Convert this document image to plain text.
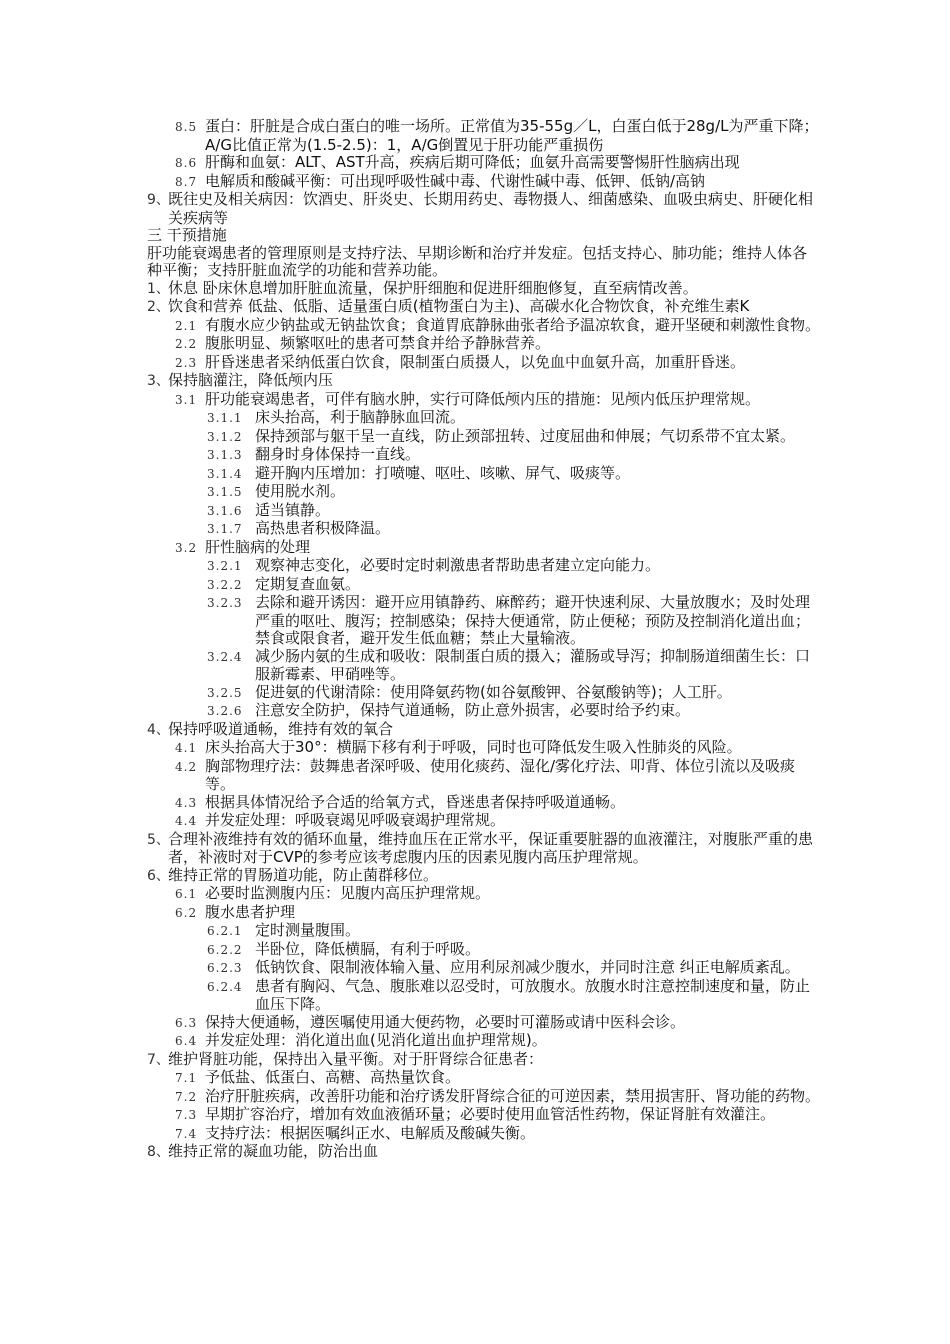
8.5 蛋白：肝脏是合成白蛋白的唯一场所。正常值为35-55g／L，白蛋白低于28g/L为严重下降；A/G比值正常为(1.5-2.5)：1，A/G倒置见于肝功能严重损伤
8.6 肝酶和血氨：ALT、AST升高，疾病后期可降低；血氨升高需要警惕肝性脑病出现
8.7 电解质和酸碱平衡：可出现呼吸性碱中毒、代谢性碱中毒、低钾、低钠/高钠
9、既往史及相关病因：饮酒史、肝炎史、长期用药史、毒物摄人、细菌感染、血吸虫病史、肝硬化相关疾病等
三 干预措施
肝功能衰竭患者的管理原则是支持疗法、早期诊断和治疗并发症。包括支持心、肺功能；维持人体各种平衡；支持肝脏血流学的功能和营养功能。
1、休息 卧床休息增加肝脏血流量，保护肝细胞和促进肝细胞修复，直至病情改善。
2、饮食和营养 低盐、低脂、适量蛋白质(植物蛋白为主)、高碳水化合物饮食，补充维生素K
2.1 有腹水应少钠盐或无钠盐饮食；食道胃底静脉曲张者给予温凉软食，避开坚硬和刺激性食物。
2.2 腹胀明显、频繁呕吐的患者可禁食并给予静脉营养。
2.3 肝昏迷患者采纳低蛋白饮食，限制蛋白质摄人，以免血中血氨升高，加重肝昏迷。
3、保持脑灌注，降低颅内压
3.1 肝功能衰竭患者，可伴有脑水肿，实行可降低颅内压的措施：见颅内低压护理常规。
3.1.1 床头抬高，利于脑静脉血回流。
3.1.2 保持颈部与躯干呈一直线，防止颈部扭转、过度屈曲和伸展；气切系带不宜太紧。
3.1.3 翻身时身体保持一直线。
3.1.4 避开胸内压增加：打喷嚏、呕吐、咳嗽、屏气、吸痰等。
3.1.5 使用脱水剂。
3.1.6 适当镇静。
3.1.7 高热患者积极降温。
3.2 肝性脑病的处理
3.2.1 观察神志变化，必要时定时刺激患者帮助患者建立定向能力。
3.2.2 定期复查血氨。
3.2.3 去除和避开诱因：避开应用镇静药、麻醉药；避开快速利尿、大量放腹水；及时处理严重的呕吐、腹泻；控制感染；保持大便通常，防止便秘；预防及控制消化道出血；禁食或限食者，避开发生低血糖；禁止大量输液。
3.2.4 减少肠内氨的生成和吸收：限制蛋白质的摄入；灌肠或导泻；抑制肠道细菌生长：口服新霉素、甲硝唑等。
3.2.5 促进氨的代谢清除：使用降氨药物(如谷氨酸钾、谷氨酸钠等)；人工肝。
3.2.6 注意安全防护，保持气道通畅，防止意外损害，必要时给予约束。
4、保持呼吸道通畅，维持有效的氧合
4.1 床头抬高大于30°：横膈下移有利于呼吸，同时也可降低发生吸入性肺炎的风险。
4.2 胸部物理疗法：鼓舞患者深呼吸、使用化痰药、湿化/雾化疗法、叩背、体位引流以及吸痰等。
4.3 根据具体情况给予合适的给氧方式，昏迷患者保持呼吸道通畅。
4.4 并发症处理：呼吸衰竭见呼吸衰竭护理常规。
5、合理补液维持有效的循环血量，维持血压在正常水平，保证重要脏器的血液灌注，对腹胀严重的患者，补液时对于CVP的参考应该考虑腹内压的因素见腹内高压护理常规。
6、维持正常的胃肠道功能，防止菌群移位。
6.1 必要时监测腹内压：见腹内高压护理常规。
6.2 腹水患者护理
6.2.1 定时测量腹围。
6.2.2 半卧位，降低横膈，有利于呼吸。
6.2.3 低钠饮食、限制液体输入量、应用利尿剂减少腹水，并同时注意 纠正电解质紊乱。
6.2.4 患者有胸闷、气急、腹胀难以忍受时，可放腹水。放腹水时注意控制速度和量，防止血压下降。
6.3 保持大便通畅，遵医嘱使用通大便药物，必要时可灌肠或请中医科会诊。
6.4 并发症处理：消化道出血(见消化道出血护理常规)。
7、维护肾脏功能，保持出入量平衡。对于肝肾综合征患者：
7.1 予低盐、低蛋白、高糖、高热量饮食。
7.2 治疗肝脏疾病，改善肝功能和治疗诱发肝肾综合征的可逆因素，禁用损害肝、肾功能的药物。
7.3 早期扩容治疗，增加有效血液循环量；必要时使用血管活性药物，保证肾脏有效灌注。
7.4 支持疗法：根据医嘱纠正水、电解质及酸碱失衡。
8、维持正常的凝血功能，防治出血
